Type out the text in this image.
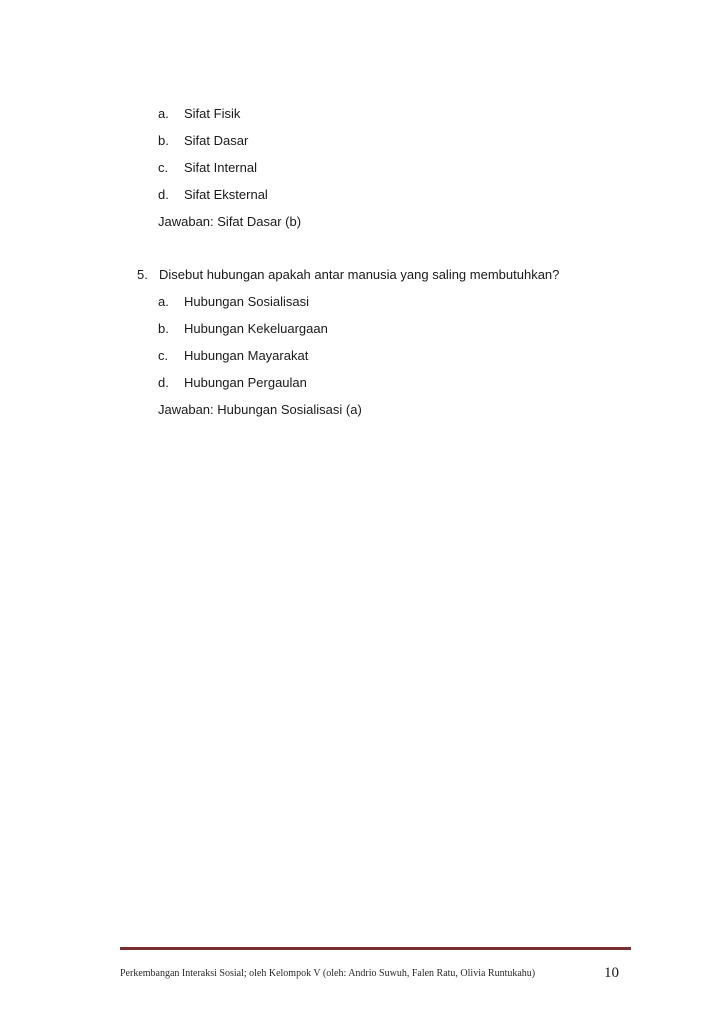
a. Sifat Fisik
b. Sifat Dasar
c. Sifat Internal
d. Sifat Eksternal
Jawaban: Sifat Dasar (b)
5. Disebut hubungan apakah antar manusia yang saling membutuhkan?
a. Hubungan Sosialisasi
b. Hubungan Kekeluargaan
c. Hubungan Mayarakat
d. Hubungan Pergaulan
Jawaban: Hubungan Sosialisasi (a)
Perkembangan Interaksi Sosial; oleh Kelompok V (oleh: Andrio Suwuh, Falen Ratu, Olivia Runtukahu)	10
